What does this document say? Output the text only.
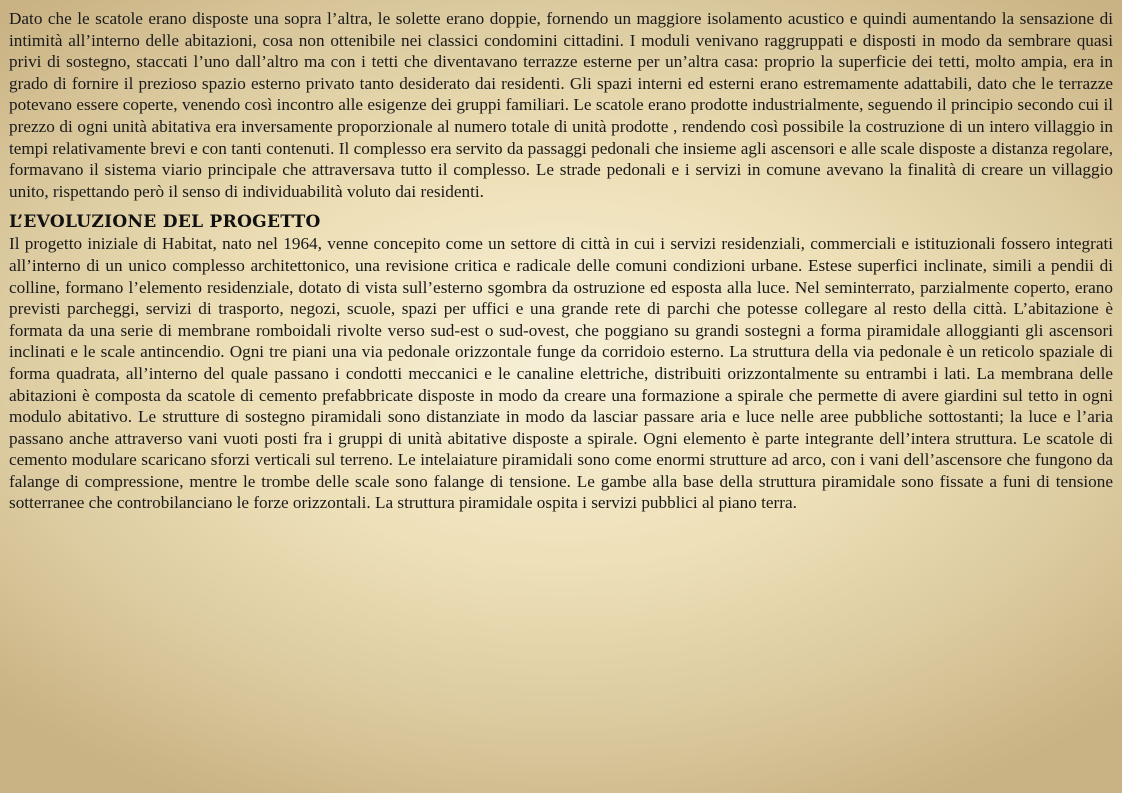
Dato che le scatole erano disposte una sopra l’altra, le solette erano doppie, fornendo un maggiore isolamento acustico e quindi aumentando la sensazione di intimità all’interno delle abitazioni, cosa non ottenibile nei classici condomini cittadini. I moduli venivano raggruppati e disposti in modo da sembrare quasi privi di sostegno, staccati l’uno dall’altro ma con i tetti che diventavano terrazze esterne per un’altra casa: proprio la superficie dei tetti, molto ampia, era in grado di fornire il prezioso spazio esterno privato tanto desiderato dai residenti. Gli spazi interni ed esterni erano estremamente adattabili, dato che le terrazze potevano essere coperte, venendo così incontro alle esigenze dei gruppi familiari. Le scatole erano prodotte industrialmente, seguendo il principio secondo cui il prezzo di ogni unità abitativa era inversamente proporzionale al numero totale di unità prodotte , rendendo così possibile la costruzione di un intero villaggio in tempi relativamente brevi e con tanti contenuti. Il complesso era servito da passaggi pedonali che insieme agli ascensori e alle scale disposte a distanza regolare, formavano il sistema viario principale che attraversava tutto il complesso. Le strade pedonali e i servizi in comune avevano la finalità di creare un villaggio unito, rispettando però il senso di individuabilità voluto dai residenti.

L’EVOLUZIONE DEL PROGETTO

Il progetto iniziale di Habitat, nato nel 1964, venne concepito come un settore di città in cui i servizi residenziali, commerciali e istituzionali fossero integrati all’interno di un unico complesso architettonico, una revisione critica e radicale delle comuni condizioni urbane. Estese superfici inclinate, simili a pendii di colline, formano l’elemento residenziale, dotato di vista sull’esterno sgombra da ostruzione ed esposta alla luce. Nel seminterrato, parzialmente coperto, erano previsti parcheggi, servizi di trasporto, negozi, scuole, spazi per uffici e una grande rete di parchi che potesse collegare al resto della città. L’abitazione è formata da una serie di membrane romboidali rivolte verso sud-est o sud-ovest, che poggiano su grandi sostegni a forma piramidale alloggianti gli ascensori inclinati e le scale antincendio. Ogni tre piani una via pedonale orizzontale funge da corridoio esterno. La struttura della via pedonale è un reticolo spaziale di forma quadrata, all’interno del quale passano i condotti meccanici e le canaline elettriche, distribuiti orizzontalmente su entrambi i lati. La membrana delle abitazioni è composta da scatole di cemento prefabbricate disposte in modo da creare una formazione a spirale che permette di avere giardini sul tetto in ogni modulo abitativo. Le strutture di sostegno piramidali sono distanziate in modo da lasciar passare aria e luce nelle aree pubbliche sottostanti; la luce e l’aria passano anche attraverso vani vuoti posti fra i gruppi di unità abitative disposte a spirale. Ogni elemento è parte integrante dell’intera struttura. Le scatole di cemento modulare scaricano sforzi verticali sul terreno. Le intelaiature piramidali sono come enormi strutture ad arco, con i vani dell’ascensore che fungono da falange di compressione, mentre le trombe delle scale sono falange di tensione. Le gambe alla base della struttura piramidale sono fissate a funi di tensione sotterranee che controbilanciano le forze orizzontali. La struttura piramidale ospita i servizi pubblici al piano terra.
